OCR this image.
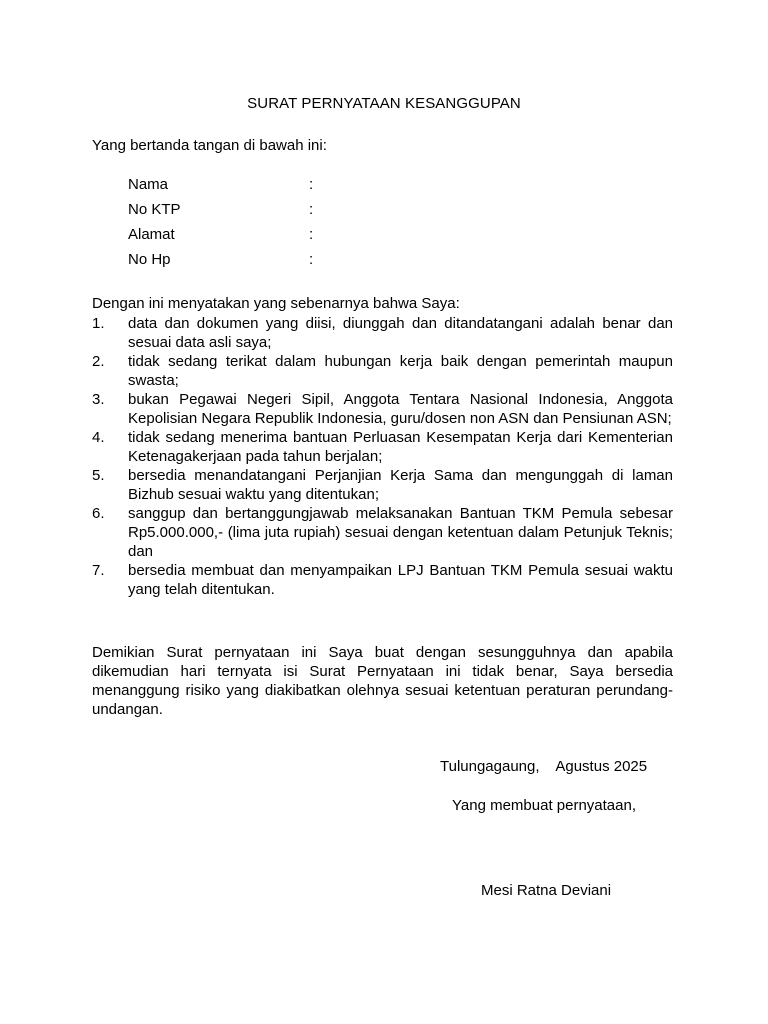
SURAT PERNYATAAN KESANGGUPAN
Yang bertanda tangan di bawah ini:
Nama	:
No KTP	:
Alamat	:
No Hp	:
Dengan ini menyatakan yang sebenarnya bahwa Saya:
1. data dan dokumen yang diisi, diunggah dan ditandatangani adalah benar dan sesuai data asli saya;
2. tidak sedang terikat dalam hubungan kerja baik dengan pemerintah maupun swasta;
3. bukan Pegawai Negeri Sipil, Anggota Tentara Nasional Indonesia, Anggota Kepolisian Negara Republik Indonesia, guru/dosen non ASN dan Pensiunan ASN;
4. tidak sedang menerima bantuan Perluasan Kesempatan Kerja dari Kementerian Ketenagakerjaan pada tahun berjalan;
5. bersedia menandatangani Perjanjian Kerja Sama dan mengunggah di laman Bizhub sesuai waktu yang ditentukan;
6. sanggup dan bertanggungjawab melaksanakan Bantuan TKM Pemula sebesar Rp5.000.000,- (lima juta rupiah) sesuai dengan ketentuan dalam Petunjuk Teknis; dan
7. bersedia membuat dan menyampaikan LPJ Bantuan TKM Pemula sesuai waktu yang telah ditentukan.
Demikian Surat pernyataan ini Saya buat dengan sesungguhnya dan apabila dikemudian hari ternyata isi Surat Pernyataan ini tidak benar, Saya bersedia menanggung risiko yang diakibatkan olehnya sesuai ketentuan peraturan perundang-undangan.
Tulungagaung,    Agustus 2025
Yang membuat pernyataan,
Mesi Ratna Deviani
